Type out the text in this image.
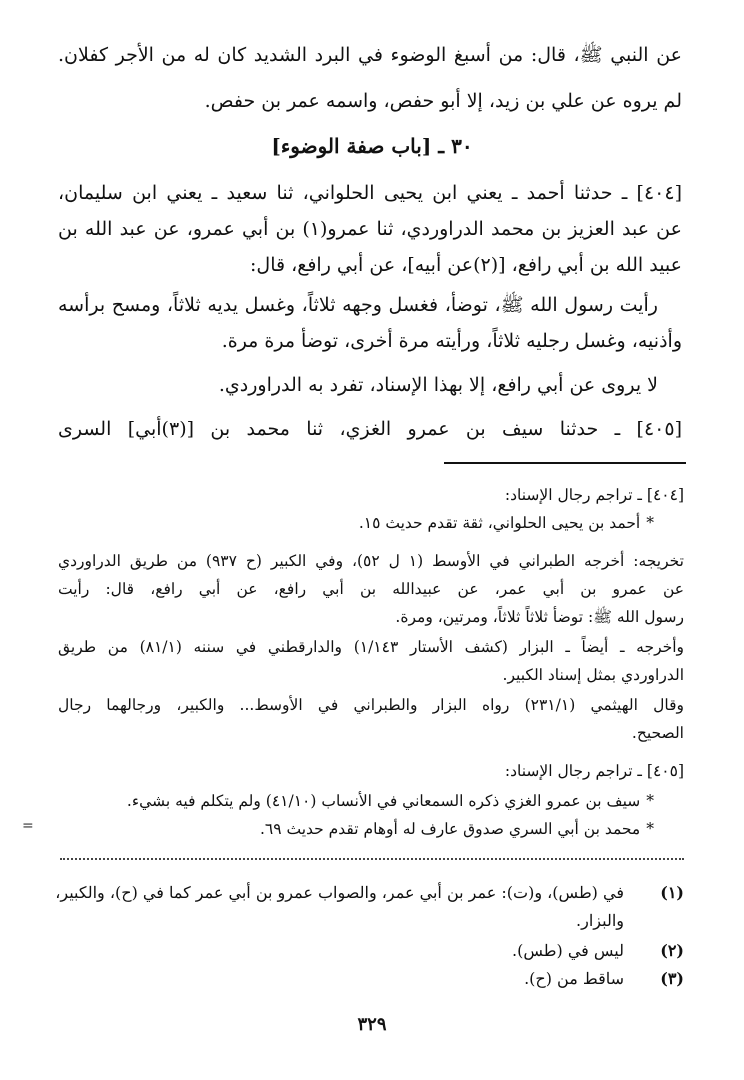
عن النبي ﷺ، قال: من أسبغ الوضوء في البرد الشديد كان له من الأجر كفلان.

لم يروه عن علي بن زيد، إلا أبو حفص، واسمه عمر بن حفص.

٣٠ ـ [باب صفة الوضوء]

[٤٠٤] ـ حدثنا أحمد ـ يعني ابن يحيى الحلواني، ثنا سعيد ـ يعني ابن سليمان،

عن عبد العزيز بن محمد الدراوردي، ثنا عمرو(١) بن أبي عمرو، عن عبد الله بن

عبيد الله بن أبي رافع، [(٢)عن أبيه]، عن أبي رافع، قال:

رأيت رسول الله ﷺ، توضأ، فغسل وجهه ثلاثاً، وغسل يديه ثلاثاً، ومسح برأسه

وأذنيه، وغسل رجليه ثلاثاً، ورأيته مرة أخرى، توضأ مرة مرة.

لا يروى عن أبي رافع، إلا بهذا الإسناد، تفرد به الدراوردي.

[٤٠٥] ـ حدثنا سيف بن عمرو الغزي، ثنا محمد بن [(٣)أبي] السرى

[٤٠٤] ـ تراجم رجال الإسناد:

*أحمد بن يحيى الحلواني، ثقة تقدم حديث ١٥.

تخريجه: أخرجه الطبراني في الأوسط (١ ل ٥٢)، وفي الكبير (ح ٩٣٧) من طريق الدراوردي

عن عمرو بن أبي عمر، عن عبيدالله بن أبي رافع، عن أبي رافع، قال: رأيت

رسول الله ﷺ: توضأ ثلاثاً ثلاثاً، ومرتين، ومرة.

وأخرجه ـ أيضاً ـ البزار (كشف الأستار ١/١٤٣) والدارقطني في سننه (٨١/١) من طريق

الدراوردي بمثل إسناد الكبير.

وقال الهيثمي (٢٣١/١) رواه البزار والطبراني في الأوسط... والكبير، ورجالهما رجال

الصحيح.

[٤٠٥] ـ تراجم رجال الإسناد:

*سيف بن عمرو الغزي ذكره السمعاني في الأنساب (٤١/١٠) ولم يتكلم فيه بشيء.

*محمد بن أبي السري صدوق عارف له أوهام تقدم حديث ٦٩.

(١)
في (طس)، و(ت): عمر بن أبي عمر، والصواب عمرو بن أبي عمر كما في (ح)، والكبير،
والبزار.
(٢)
ليس في (طس).
(٣)
ساقط من (ح).

٣٢٩

=
